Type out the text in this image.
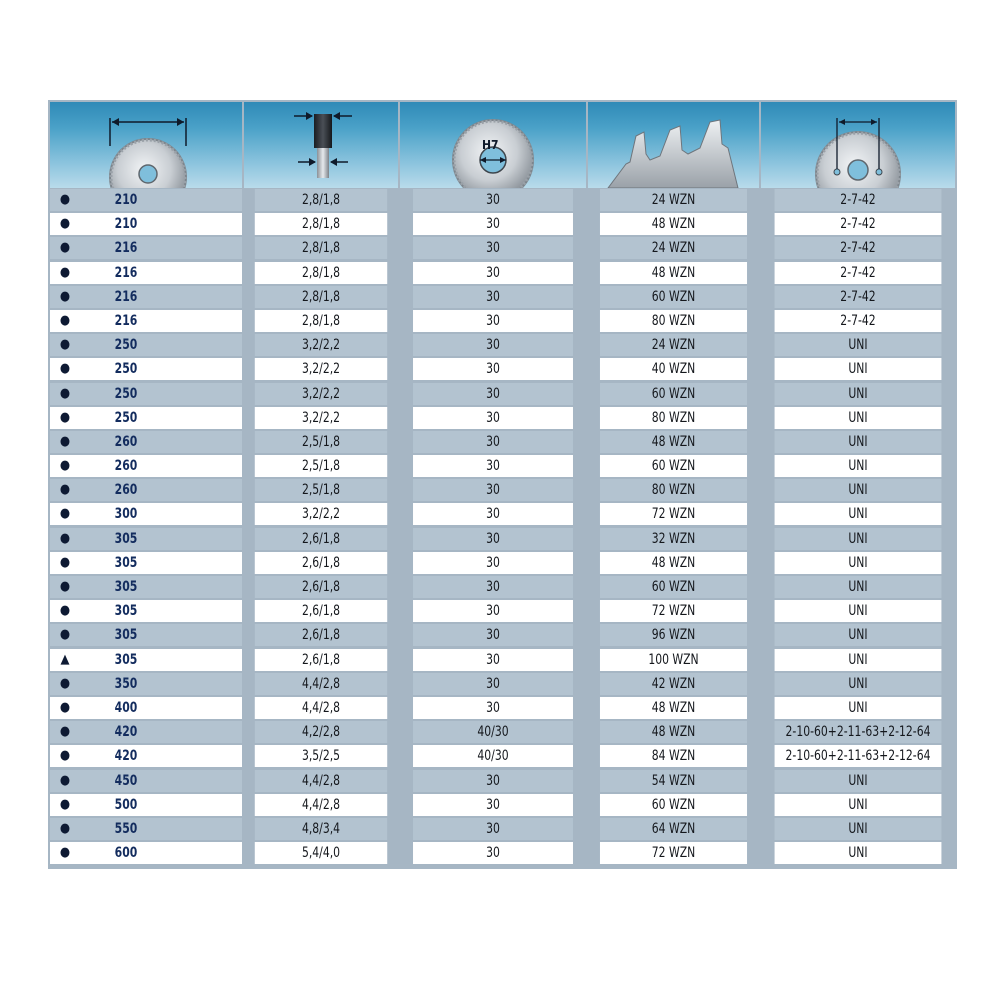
H7
●	210	2,8/1,8	30	24 WZN	2-7-42
●	210	2,8/1,8	30	48 WZN	2-7-42
●	216	2,8/1,8	30	24 WZN	2-7-42
●	216	2,8/1,8	30	48 WZN	2-7-42
●	216	2,8/1,8	30	60 WZN	2-7-42
●	216	2,8/1,8	30	80 WZN	2-7-42
●	250	3,2/2,2	30	24 WZN	UNI
●	250	3,2/2,2	30	40 WZN	UNI
●	250	3,2/2,2	30	60 WZN	UNI
●	250	3,2/2,2	30	80 WZN	UNI
●	260	2,5/1,8	30	48 WZN	UNI
●	260	2,5/1,8	30	60 WZN	UNI
●	260	2,5/1,8	30	80 WZN	UNI
●	300	3,2/2,2	30	72 WZN	UNI
●	305	2,6/1,8	30	32 WZN	UNI
●	305	2,6/1,8	30	48 WZN	UNI
●	305	2,6/1,8	30	60 WZN	UNI
●	305	2,6/1,8	30	72 WZN	UNI
●	305	2,6/1,8	30	96 WZN	UNI
▲	305	2,6/1,8	30	100 WZN	UNI
●	350	4,4/2,8	30	42 WZN	UNI
●	400	4,4/2,8	30	48 WZN	UNI
●	420	4,2/2,8	40/30	48 WZN	2-10-60+2-11-63+2-12-64
●	420	3,5/2,5	40/30	84 WZN	2-10-60+2-11-63+2-12-64
●	450	4,4/2,8	30	54 WZN	UNI
●	500	4,4/2,8	30	60 WZN	UNI
●	550	4,8/3,4	30	64 WZN	UNI
●	600	5,4/4,0	30	72 WZN	UNI
